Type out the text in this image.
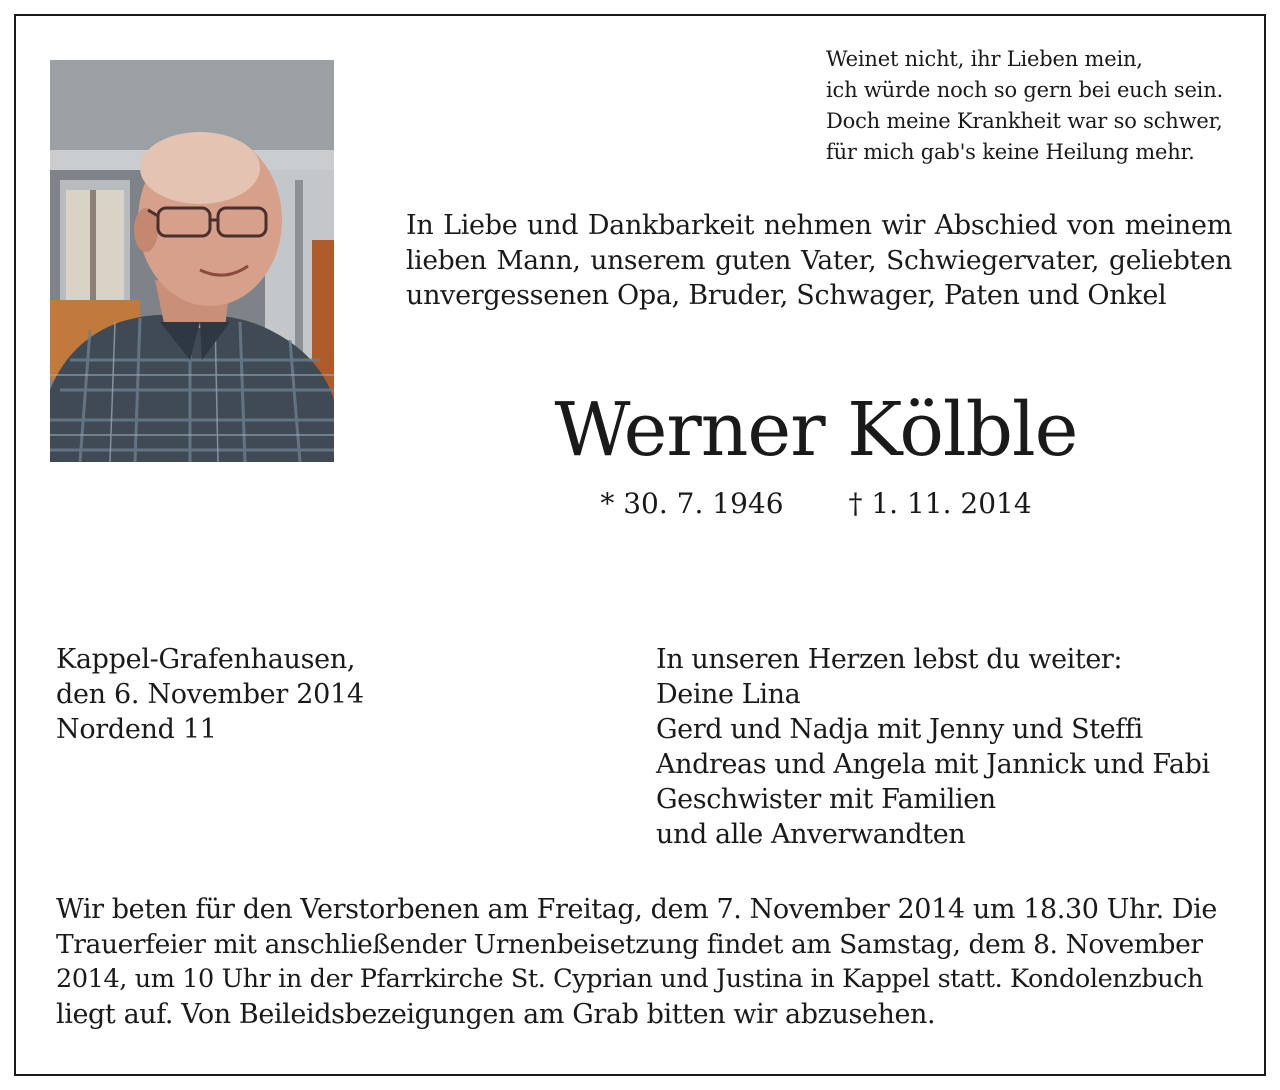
Weinet nicht, ihr Lieben mein,
ich würde noch so gern bei euch sein.
Doch meine Krankheit war so schwer,
für mich gab's keine Heilung mehr.
In Liebe und Dankbarkeit nehmen wir Abschied von meinem
lieben Mann, unserem guten Vater, Schwiegervater, geliebten
unvergessenen Opa, Bruder, Schwager, Paten und Onkel
Werner Kölble
* 30. 7. 1946 † 1. 11. 2014
Kappel-Grafenhausen,
den 6. November 2014
Nordend 11
In unseren Herzen lebst du weiter:
Deine Lina
Gerd und Nadja mit Jenny und Steffi
Andreas und Angela mit Jannick und Fabi
Geschwister mit Familien
und alle Anverwandten
Wir beten für den Verstorbenen am Freitag, dem 7. November 2014 um 18.30 Uhr. Die
Trauerfeier mit anschließender Urnenbeisetzung findet am Samstag, dem 8. November
2014, um 10 Uhr in der Pfarrkirche St. Cyprian und Justina in Kappel statt. Kondolenzbuch
liegt auf. Von Beileidsbezeigungen am Grab bitten wir abzusehen.
